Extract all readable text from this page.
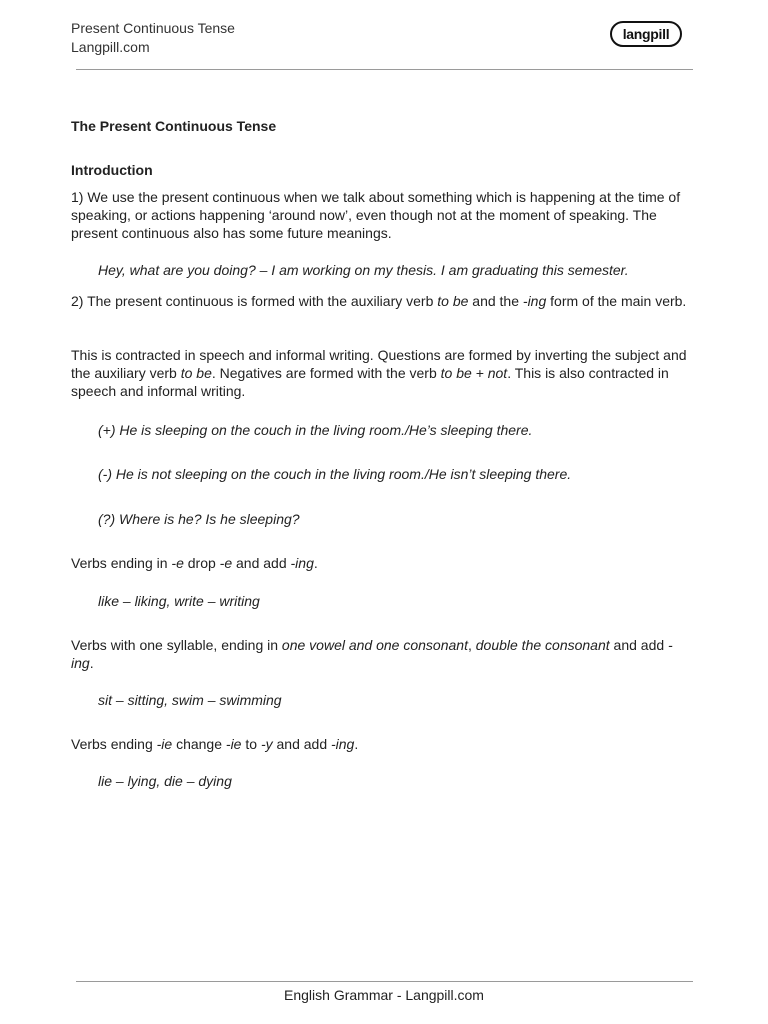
Present Continuous Tense
Langpill.com
langpill

The Present Continuous Tense

Introduction

1) We use the present continuous when we talk about something which is happening at the time of speaking, or actions happening ‘around now’, even though not at the moment of speaking. The present continuous also has some future meanings.

Hey, what are you doing? – I am working on my thesis. I am graduating this semester.

2) The present continuous is formed with the auxiliary verb to be and the -ing form of the main verb.

This is contracted in speech and informal writing. Questions are formed by inverting the subject and the auxiliary verb to be. Negatives are formed with the verb to be + not. This is also contracted in speech and informal writing.

(+) He is sleeping on the couch in the living room./He’s sleeping there.

(-) He is not sleeping on the couch in the living room./He isn’t sleeping there.

(?) Where is he? Is he sleeping?

Verbs ending in -e drop -e and add -ing.

like – liking, write – writing

Verbs with one syllable, ending in one vowel and one consonant, double the consonant and add -ing.

sit – sitting, swim – swimming

Verbs ending -ie change -ie to -y and add -ing.

lie – lying, die – dying

English Grammar - Langpill.com
